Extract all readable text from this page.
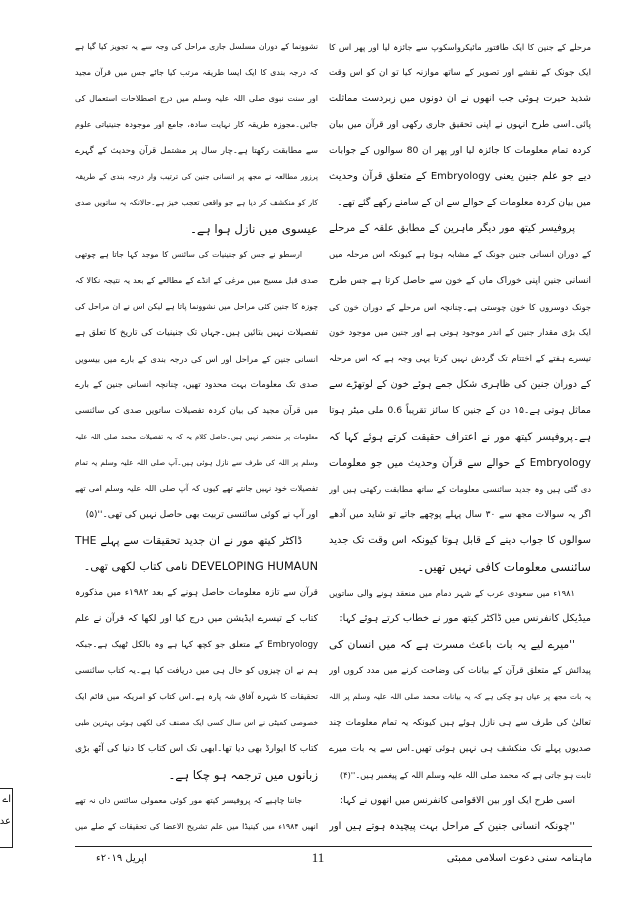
مرحلے کے جنین کا ایک طاقتور مائیکرواسکوپ سے جائزہ لیا اور پھر اس کا
ایک جونک کے نقشے اور تصویر کے ساتھ موازنہ کیا تو ان کو اس وقت
شدید حیرت ہوئی جب انھوں نے ان دونوں میں زبردست مماثلت
پائی۔اسی طرح انہوں نے اپنی تحقیق جاری رکھی اور قرآن میں بیان
کردہ تمام معلومات کا جائزہ لیا اور پھر ان 80 سوالوں کے جوابات
دیے جو علم جنین یعنی Embryology کے متعلق قرآن وحدیث
میں بیان کردہ معلومات کے حوالے سے ان کے سامنے رکھے گئے تھے۔
پروفیسر کیتھ مور دیگر ماہرین کے مطابق علقہ کے مرحلے
کے دوران انسانی جنین جونک کے مشابہ ہوتا ہے کیونکہ اس مرحلہ میں
انسانی جنین اپنی خوراک ماں کے خون سے حاصل کرتا ہے جس طرح
جونک دوسروں کا خون چوستی ہے۔چنانچہ اس مرحلے کے دوران خون کی
ایک بڑی مقدار جنین کے اندر موجود ہوتی ہے اور جنین میں موجود خون
تیسرے ہفتے کے اختتام تک گردش نہیں کرتا یہی وجہ ہے کہ اس مرحلہ
کے دوران جنین کی ظاہری شکل جمے ہوئے خون کے لوتھڑے سے
مماثل ہوتی ہے۔۱۵ دن کے جنین کا سائز تقریباً 0.6 ملی میٹر ہوتا
ہے۔پروفیسر کیتھ مور نے اعتراف حقیقت کرتے ہوئے کہا کہ
Embryology کے حوالے سے قرآن وحدیث میں جو معلومات
دی گئی ہیں وہ جدید سائنسی معلومات کے ساتھ مطابقت رکھتی ہیں اور
اگر یہ سوالات مجھ سے ۳۰ سال پہلے پوچھے جاتے تو شاید میں آدھے
سوالوں کا جواب دینے کے قابل ہوتا کیونکہ اس وقت تک جدید
سائنسی معلومات کافی نہیں تھیں۔
۱۹۸۱ء میں سعودی عرب کے شہر دمام میں منعقد ہونے والی ساتویں
میڈیکل کانفرنس میں ڈاکٹر کیتھ مور نے خطاب کرتے ہوئے کہا:
''میرے لیے یہ بات باعث مسرت ہے کہ میں انسان کی
پیدائش کے متعلق قرآن کے بیانات کی وضاحت کرنے میں مدد کروں اور
یہ بات مجھ پر عیاں ہو چکی ہے کہ یہ بیانات محمد صلی اللہ علیہ وسلم پر اللہ
تعالیٰ کی طرف سے ہی نازل ہوئے ہیں کیونکہ یہ تمام معلومات چند
صدیوں پہلے تک منکشف ہی نہیں ہوئی تھیں۔اس سے یہ بات میرے
ثابت ہو جاتی ہے کہ محمد صلی اللہ علیہ وسلم اللہ کے پیغمبر ہیں۔''(۴)
اسی طرح ایک اور بین الاقوامی کانفرنس میں انھوں نے کہا:
''چونکہ انسانی جنین کے مراحل بہت پیچیدہ ہوتے ہیں اور
نشوونما کے دوران مسلسل جاری مراحل کی وجہ سے یہ تجویز کیا گیا ہے
کہ درجہ بندی کا ایک ایسا طریقہ مرتب کیا جائے جس میں قرآن مجید
اور سنت نبوی صلی اللہ علیہ وسلم میں درج اصطلاحات استعمال کی
جائیں۔مجوزہ طریقہ کار نہایت سادہ، جامع اور موجودہ جنینیاتی علوم
سے مطابقت رکھتا ہے۔چار سال پر مشتمل قرآن وحدیث کے گہرے
پرزور مطالعہ نے مجھ پر انسانی جنین کی ترتیب وار درجہ بندی کے طریقہ
کار کو منکشف کر دیا ہے جو واقعی تعجب خیز ہے۔حالانکہ یہ ساتویں صدی
عیسوی میں نازل ہوا ہے۔
ارسطو نے جس کو جنینیات کی سائنس کا موجد کہا جاتا ہے چوتھی
صدی قبل مسیح میں مرغی کے انڈے کے مطالعے کے بعد یہ نتیجہ نکالا کہ
چوزہ کا جنین کئی مراحل میں نشوونما پاتا ہے لیکن اس نے ان مراحل کی
تفصیلات نہیں بتائیں ہیں۔جہاں تک جنینیات کی تاریخ کا تعلق ہے
انسانی جنین کے مراحل اور اس کی درجہ بندی کے بارے میں بیسویں
صدی تک معلومات بہت محدود تھیں، چنانچہ انسانی جنین کے بارے
میں قرآن مجید کی بیان کردہ تفصیلات ساتویں صدی کی سائنسی
معلومات پر منحصر نہیں ہیں۔حاصل کلام یہ کہ یہ تفصیلات محمد صلی اللہ علیہ
وسلم پر اللہ کی طرف سے نازل ہوئی ہیں۔آپ صلی اللہ علیہ وسلم یہ تمام
تفصیلات خود نہیں جانتے تھے کیوں کہ آپ صلی اللہ علیہ وسلم امی تھے
اور آپ نے کوئی سائنسی تربیت بھی حاصل نہیں کی تھی۔''(۵)
ڈاکٹر کیتھ مور نے ان جدید تحقیقات سے پہلے THE
DEVELOPING HUMAUN نامی کتاب لکھی تھی۔
قرآن سے تازہ معلومات حاصل ہونے کے بعد ۱۹۸۲ء میں مذکورہ
کتاب کے تیسرے ایڈیشن میں درج کیا اور لکھا کہ قرآن نے علم
Embryology کے متعلق جو کچھ کہا ہے وہ بالکل ٹھیک ہے۔جبکہ
ہم نے ان چیزوں کو حال ہی میں دریافت کیا ہے۔یہ کتاب سائنسی
تحقیقات کا شہرہ آفاق شہ پارہ ہے۔اس کتاب کو امریکہ میں قائم ایک
خصوصی کمیٹی نے اس سال کسی ایک مصنف کی لکھی ہوئی بہترین طبی
کتاب کا ایوارڈ بھی دیا تھا۔ابھی تک اس کتاب کا دنیا کی آٹھ بڑی
زبانوں میں ترجمہ ہو چکا ہے۔
جاننا چاہیے کہ پروفیسر کیتھ مور کوئی معمولی سائنس داں نہ تھے
انھیں ۱۹۸۴ء میں کینیڈا میں علم تشریح الاعضا کی تحقیقات کے صلے میں
اے
عد
ماہنامہ سنی دعوت اسلامی ممبئی
11
اپریل ۲۰۱۹ء
